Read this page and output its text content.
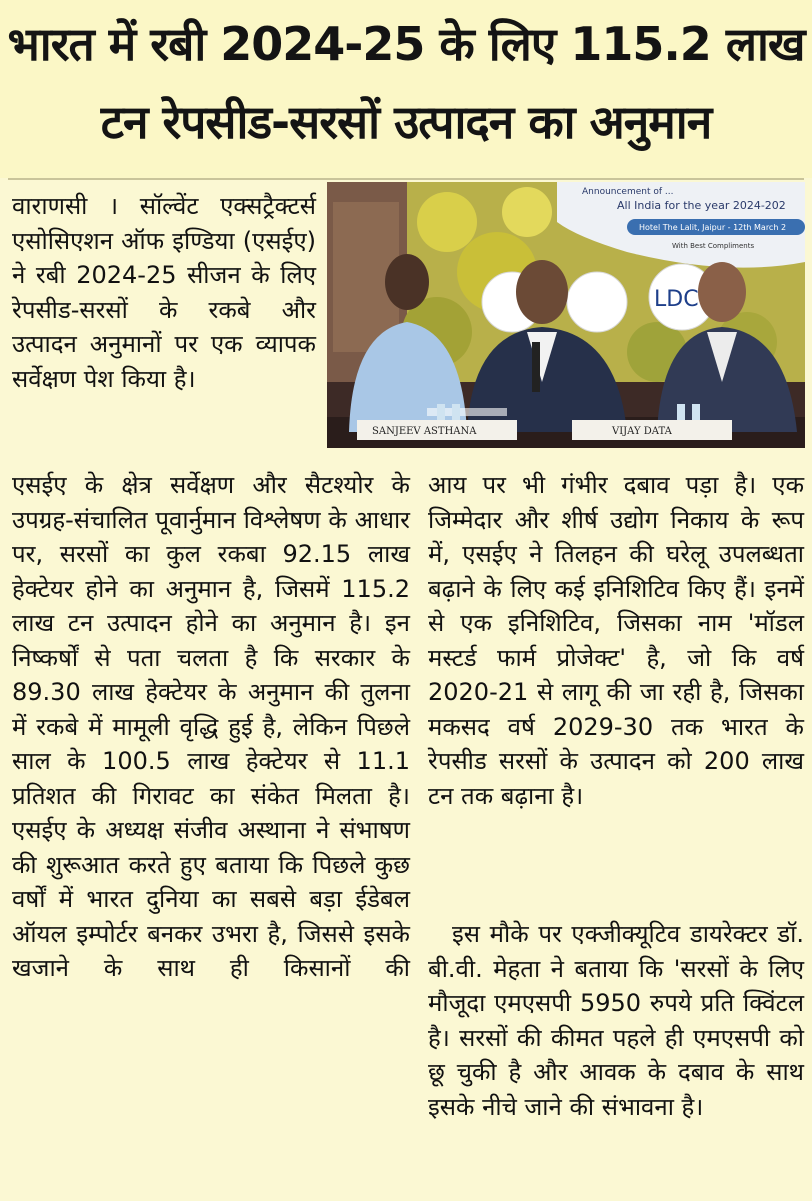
भारत में रबी 2024-25 के लिए 115.2 लाख
टन रेपसीड-सरसों उत्पादन का अनुमान
Announcement of ...
All India for the year 2024-202
Hotel The Lalit, Jaipur - 12th March 2
With Best Compliments
LDC
SANJEEV ASTHANA	VIJAY DATA
वाराणसी । सॉल्वेंट एक्सट्रैक्टर्स एसोसिएशन ऑफ इण्डिया (एसईए) ने रबी 2024-25 सीजन के लिए रेपसीड-सरसों के रकबे और उत्पादन अनुमानों पर एक व्यापक सर्वेक्षण पेश किया है।
एसईए के क्षेत्र सर्वेक्षण और सैटश्योर के उपग्रह-संचालित पूवार्नुमान विश्लेषण के आधार पर, सरसों का कुल रकबा 92.15 लाख हेक्टेयर होने का अनुमान है, जिसमें 115.2 लाख टन उत्पादन होने का अनुमान है। इन निष्कर्षों से पता चलता है कि सरकार के 89.30 लाख हेक्टेयर के अनुमान की तुलना में रकबे में मामूली वृद्धि हुई है, लेकिन पिछले साल के 100.5 लाख हेक्टेयर से 11.1 प्रतिशत की गिरावट का संकेत मिलता है। एसईए के अध्यक्ष संजीव अस्थाना ने संभाषण की शुरूआत करते हुए बताया कि पिछले कुछ वर्षों में भारत दुनिया का सबसे बड़ा ईडेबल ऑयल इम्पोर्टर बनकर उभरा है, जिससे इसके खजाने के साथ ही किसानों की
आय पर भी गंभीर दबाव पड़ा है। एक जिम्मेदार और शीर्ष उद्योग निकाय के रूप में, एसईए ने तिलहन की घरेलू उपलब्धता बढ़ाने के लिए कई इनिशिटिव किए हैं। इनमें से एक इनिशिटिव, जिसका नाम 'मॉडल मस्टर्ड फार्म प्रोजेक्ट' है, जो कि वर्ष 2020-21 से लागू की जा रही है, जिसका मकसद वर्ष 2029-30 तक भारत के रेपसीड सरसों के उत्पादन को 200 लाख टन तक बढ़ाना है।
इस मौके पर एक्जीक्यूटिव डायरेक्टर डॉ. बी.वी. मेहता ने बताया कि 'सरसों के लिए मौजूदा एमएसपी 5950 रुपये प्रति क्विंटल है। सरसों की कीमत पहले ही एमएसपी को छू चुकी है और आवक के दबाव के साथ इसके नीचे जाने की संभावना है।
